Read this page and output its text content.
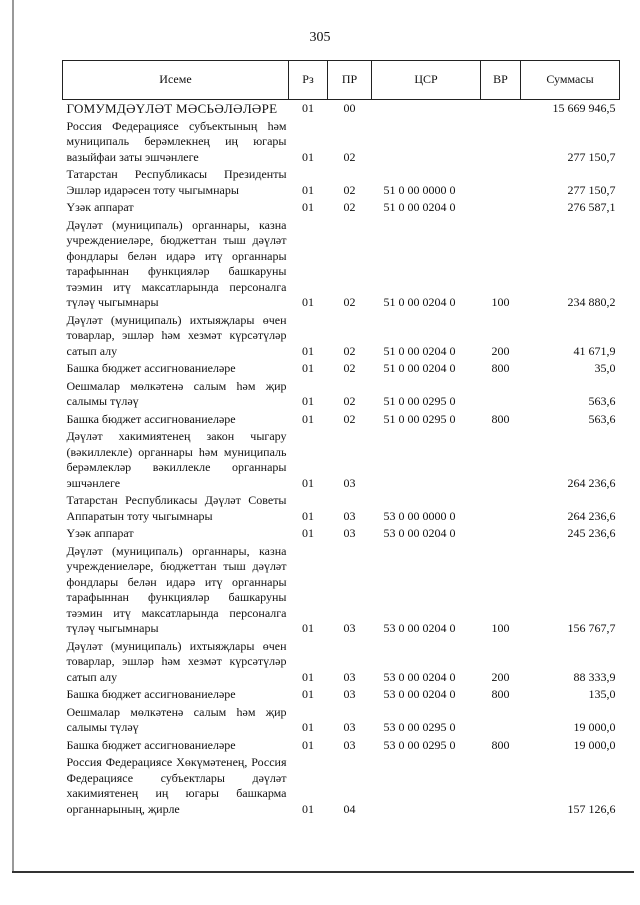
305
Исеме	Рз	ПР	ЦСР	ВР	Суммасы
ГОМУМДӘҮЛӘТ МӘСЬӘЛӘЛӘРЕ	01	00			15 669 946,5
Россия Федерациясе субъектының һәм муниципаль берәмлекнең иң югары вазыйфаи заты эшчәнлеге	01	02			277 150,7
Татарстан Республикасы Президенты Эшләр идарәсен тоту чыгымнары	01	02	51 0 00 0000 0		277 150,7
Үзәк аппарат	01	02	51 0 00 0204 0		276 587,1
Дәүләт (муниципаль) органнары, казна учреждениеләре, бюджеттан тыш дәүләт фондлары белән идарә итү органнары тарафыннан функцияләр башкаруны тәэмин итү максатларында персоналга түләү чыгымнары	01	02	51 0 00 0204 0	100	234 880,2
Дәүләт (муниципаль) ихтыяҗлары өчен товарлар, эшләр һәм хезмәт күрсәтүләр сатып алу	01	02	51 0 00 0204 0	200	41 671,9
Башка бюджет ассигнованиеләре	01	02	51 0 00 0204 0	800	35,0
Оешмалар мөлкәтенә салым һәм җир салымы түләү	01	02	51 0 00 0295 0		563,6
Башка бюджет ассигнованиеләре	01	02	51 0 00 0295 0	800	563,6
Дәүләт хакимиятенең закон чыгару (вәкиллекле) органнары һәм муниципаль берәмлекләр вәкиллекле органнары эшчәнлеге	01	03			264 236,6
Татарстан Республикасы Дәүләт Советы Аппаратын тоту чыгымнары	01	03	53 0 00 0000 0		264 236,6
Үзәк аппарат	01	03	53 0 00 0204 0		245 236,6
Дәүләт (муниципаль) органнары, казна учреждениеләре, бюджеттан тыш дәүләт фондлары белән идарә итү органнары тарафыннан функцияләр башкаруны тәэмин итү максатларында персоналга түләү чыгымнары	01	03	53 0 00 0204 0	100	156 767,7
Дәүләт (муниципаль) ихтыяҗлары өчен товарлар, эшләр һәм хезмәт күрсәтүләр сатып алу	01	03	53 0 00 0204 0	200	88 333,9
Башка бюджет ассигнованиеләре	01	03	53 0 00 0204 0	800	135,0
Оешмалар мөлкәтенә салым һәм җир салымы түләү	01	03	53 0 00 0295 0		19 000,0
Башка бюджет ассигнованиеләре	01	03	53 0 00 0295 0	800	19 000,0
Россия Федерациясе Хөкүмәтенең, Россия Федерациясе субъектлары дәүләт хакимиятенең иң югары башкарма органнарының, җирле	01	04			157 126,6
